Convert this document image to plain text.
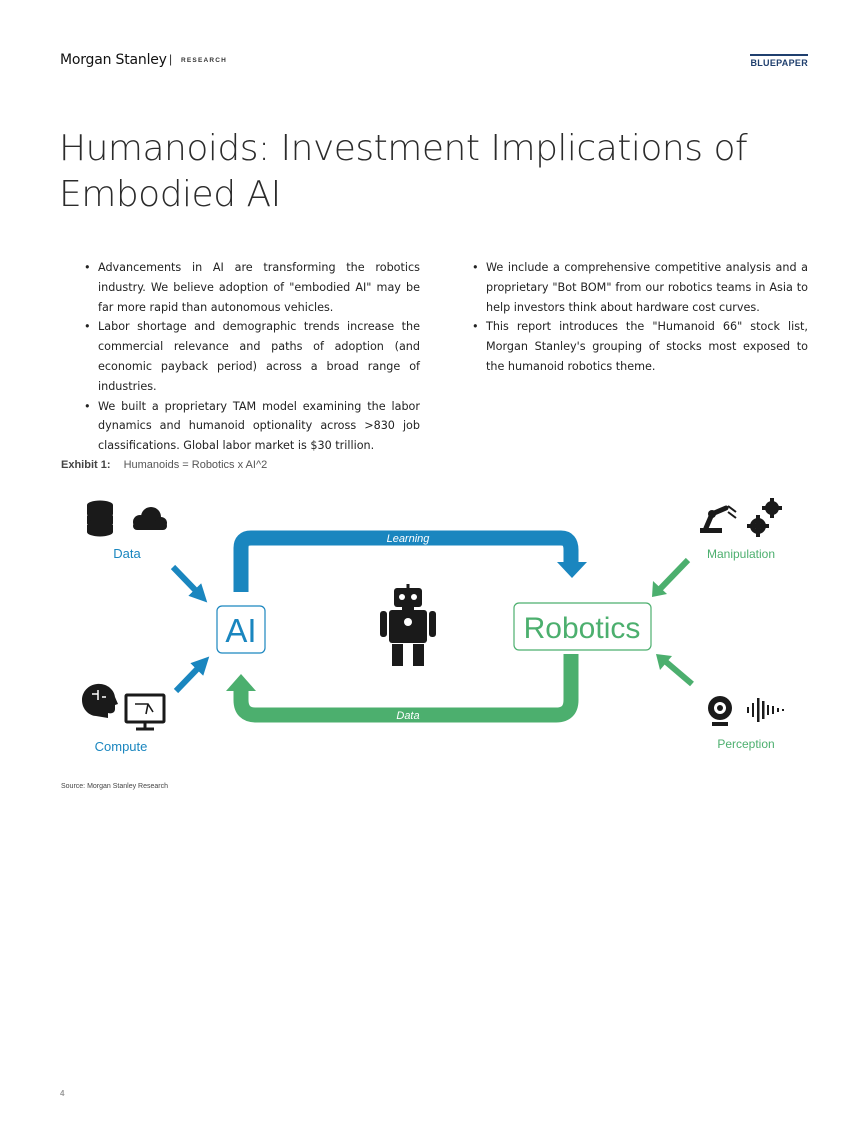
Morgan Stanley | RESEARCH	BLUEPAPER
Humanoids: Investment Implications of
Embodied AI
• Advancements in AI are transforming the robotics industry. We believe adoption of "embodied AI" may be far more rapid than autonomous vehicles.
• Labor shortage and demographic trends increase the commercial relevance and paths of adoption (and economic payback period) across a broad range of industries.
• We built a proprietary TAM model examining the labor dynamics and humanoid optionality across >830 job classifications. Global labor market is $30 trillion.
• We include a comprehensive competitive analysis and a proprietary "Bot BOM" from our robotics teams in Asia to help investors think about hardware cost curves.
• This report introduces the "Humanoid 66" stock list, Morgan Stanley's grouping of stocks most exposed to the humanoid robotics theme.
Exhibit 1: Humanoids = Robotics x AI^2
Data
Compute
AI
Learning
Data
Robotics
Manipulation
Perception
Source: Morgan Stanley Research
4
